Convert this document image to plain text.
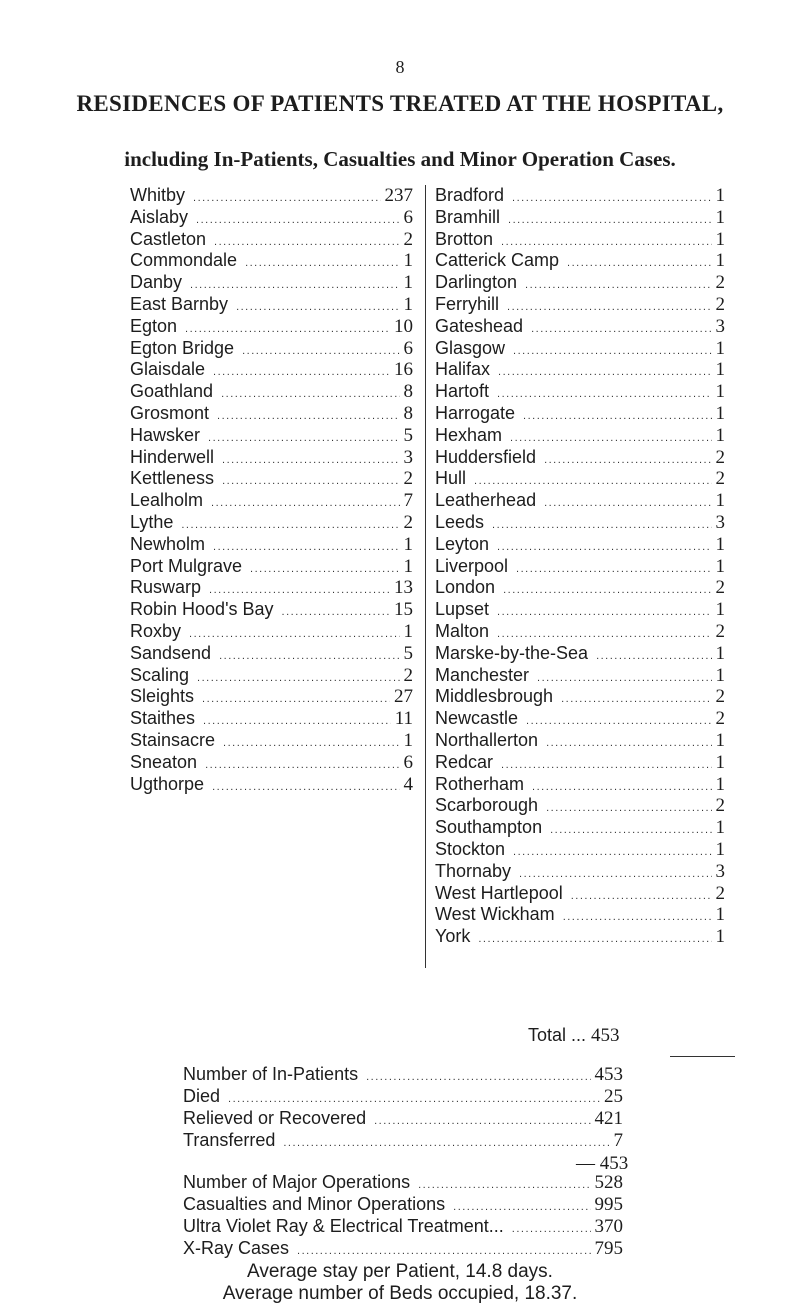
8
RESIDENCES OF PATIENTS TREATED AT THE HOSPITAL,
including In-Patients, Casualties and Minor Operation Cases.
Whitby .....	237
Aislaby .....	6
Castleton .....	2
Commondale .....	1
Danby .....	1
East Barnby .....	1
Egton .....	10
Egton Bridge .....	6
Glaisdale .....	16
Goathland .....	8
Grosmont .....	8
Hawsker .....	5
Hinderwell .....	3
Kettleness .....	2
Lealholm .....	7
Lythe .....	2
Newholm .....	1
Port Mulgrave .....	1
Ruswarp .....	13
Robin Hood's Bay .....	15
Roxby .....	1
Sandsend .....	5
Scaling .....	2
Sleights .....	27
Staithes .....	11
Stainsacre .....	1
Sneaton .....	6
Ugthorpe .....	4
Bradford .....	1
Bramhill .....	1
Brotton .....	1
Catterick Camp .....	1
Darlington .....	2
Ferryhill .....	2
Gateshead .....	3
Glasgow .....	1
Halifax .....	1
Hartoft .....	1
Harrogate .....	1
Hexham .....	1
Huddersfield .....	2
Hull .....	2
Leatherhead .....	1
Leeds .....	3
Leyton .....	1
Liverpool .....	1
London .....	2
Lupset .....	1
Malton .....	2
Marske-by-the-Sea .....	1
Manchester .....	1
Middlesbrough .....	2
Newcastle .....	2
Northallerton .....	1
Redcar .....	1
Rotherham .....	1
Scarborough .....	2
Southampton .....	1
Stockton .....	1
Thornaby .....	3
West Hartlepool .....	2
West Wickham .....	1
York .....	1
Total ... 453
Number of In-Patients .....	453
Died .....	25
Relieved or Recovered .....	421
Transferred .....	7
— 453
Number of Major Operations .....	528
Casualties and Minor Operations .....	995
Ultra Violet Ray & Electrical Treatment... .....	370
X-Ray Cases .....	795
Average stay per Patient, 14.8 days.
Average number of Beds occupied, 18.37.
